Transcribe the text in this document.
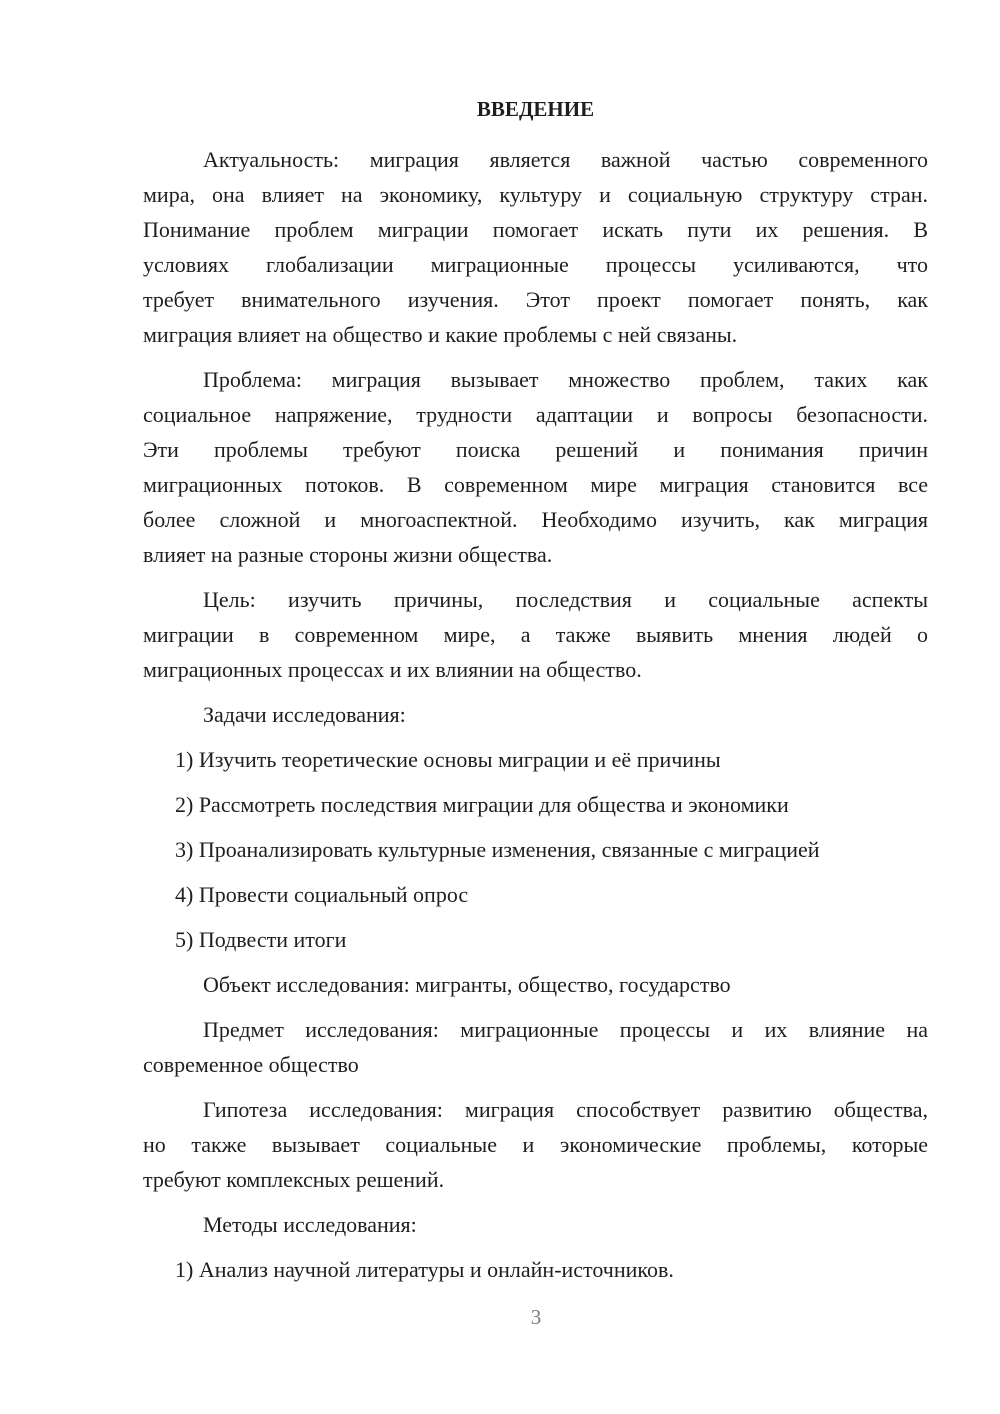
ВВЕДЕНИЕ
Актуальность: миграция является важной частью современного
мира, она влияет на экономику, культуру и социальную структуру стран.
Понимание проблем миграции помогает искать пути их решения. В
условиях глобализации миграционные процессы усиливаются, что
требует внимательного изучения. Этот проект помогает понять, как
миграция влияет на общество и какие проблемы с ней связаны.
Проблема: миграция вызывает множество проблем, таких как
социальное напряжение, трудности адаптации и вопросы безопасности.
Эти проблемы требуют поиска решений и понимания причин
миграционных потоков. В современном мире миграция становится все
более сложной и многоаспектной. Необходимо изучить, как миграция
влияет на разные стороны жизни общества.
Цель: изучить причины, последствия и социальные аспекты
миграции в современном мире, а также выявить мнения людей о
миграционных процессах и их влиянии на общество.
Задачи исследования:
1) Изучить теоретические основы миграции и её причины
2) Рассмотреть последствия миграции для общества и экономики
3) Проанализировать культурные изменения, связанные с миграцией
4) Провести социальный опрос
5) Подвести итоги
Объект исследования: мигранты, общество, государство
Предмет исследования: миграционные процессы и их влияние на
современное общество
Гипотеза исследования: миграция способствует развитию общества,
но также вызывает социальные и экономические проблемы, которые
требуют комплексных решений.
Методы исследования:
1) Анализ научной литературы и онлайн-источников.
3
